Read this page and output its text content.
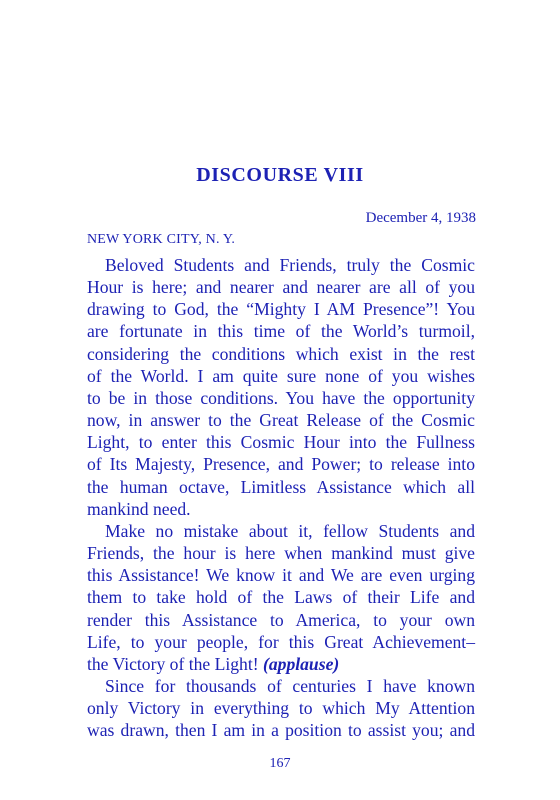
DISCOURSE VIII
December 4, 1938
NEW YORK CITY, N. Y.
Beloved Students and Friends, truly the Cosmic
Hour is here; and nearer and nearer are all of you
drawing to God, the “Mighty I AM Presence”! You
are fortunate in this time of the World’s turmoil,
considering the conditions which exist in the rest
of the World. I am quite sure none of you wishes
to be in those conditions. You have the opportunity
now, in answer to the Great Release of the Cosmic
Light, to enter this Cosmic Hour into the Fullness
of Its Majesty, Presence, and Power; to release into
the human octave, Limitless Assistance which all
mankind need.
Make no mistake about it, fellow Students and
Friends, the hour is here when mankind must give
this Assistance! We know it and We are even urging
them to take hold of the Laws of their Life and
render this Assistance to America, to your own
Life, to your people, for this Great Achievement–
the Victory of the Light! (applause)
Since for thousands of centuries I have known
only Victory in everything to which My Attention
was drawn, then I am in a position to assist you; and
167
